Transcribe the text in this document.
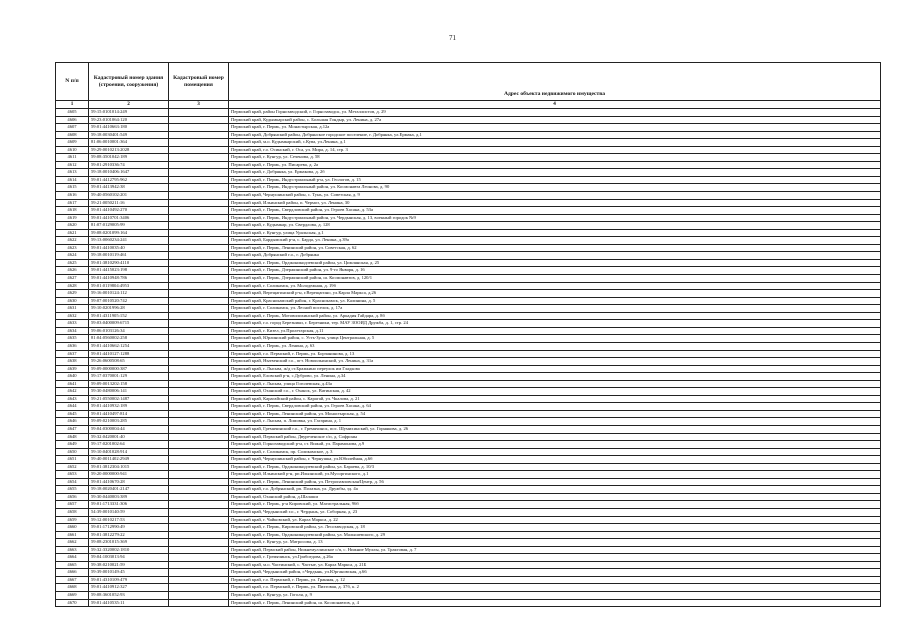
71
N п/п	Кадастровый номер здания (строения, сооружения)	Кадастровый номер помещения	Адрес объекта недвижимого имущества
1	2	3	4
4605	59:15:0101014:249		Пермский край, район Горнозаводский, г. Горнозаводск, ул. Металлистов, д. 29
4606	59:23:0101064:120		Пермский край, Кудымкарский район, с. Большая Гондыр, ул. Ленина, д. 27а
4607	59:01:4410663:180		Пермский край, г. Пермь, ул. Монастырская, д.12а
4608	59:18:0030401:549		Пермский край, Добрянский район, Добрянское городское поселение, г. Добрянка, ул.Ермака, д.1
4609	81:06:0010001:364		Пермский край, м.о. Кудымкарский, с.Кува, ул.Ленина, д.1
4610	59:29:0010213:2028		Пермский край, г.о. Осинский, г. Оса, ул. Мира, д. 14, стр. 3
4611	59:08:3501042:189		Пермский край, г. Кунгур, ул. Сеченова, д. 58
4612	59:01:2910336:74		Пермский край, г. Пермь, ул. Писарева, д. 2а
4613	59:18:0010406:1647		Пермский край, г. Добрянка, ул. Ермакова, д. 2б
4614	59:01:4412795:962		Пермский край, г. Пермь, Индустриальный р-н, ул. Геологов, д. 15
4615	59:01:4413942:38		Пермский край, г. Пермь, Индустриальный район, ул. Космонавта Леонова, д. 90
4616	59:40:0560102:201		Пермский край, Чернушинский район, с. Тунь, ул. Советская, д. 9
4617	59:21:0050211:16		Пермский край, Ильинский район, п. Чермоз, ул. Ленина, 30
4618	59:01:4410492:270		Пермский край, г. Пермь, Свердловский район, ул. Героев Хасана, д. 53а
4619	59:01:4410701:3406		Пермский край, г. Пермь, Индустриальный район, ул. Чердынская, д. 13, военный городок №9
4620	81:07:0129005:99		Пермский край, г. Кудымкар, ул. Свердлова, д. 128
4621	59:08:0201099:164		Пермский край, г. Кунгур, улица Уральская, д.1
4622	59:13:0060234:241		Пермский край, Бардымский р-н, с. Барда, ул. Ленина, д.39а
4623	59:01:4410035:40		Пермский край, г. Пермь, Ленинский район, ул. Советская, д. 62
4624	59:18:0010119:461		Пермский край, Добрянский г.о., г. Добрянка
4625	59:01:3810290:4110		Пермский край, г. Пермь, Орджоникидзевский район, ул. Цимлянская, д. 25
4626	59:01:4415023:198		Пермский край, г. Пермь, Дзержинский район, ул. 9-го Января, д. 16
4627	59:01:4410948:786		Пермский край, г. Пермь, Дзержинский район, ш. Космонавтов, д. 120/1
4628	59:01:0119804:4953		Пермский край, г. Соликамск, ул. Молодежная, д. 19б
4629	59:16:0010124:112		Пермский край, Верещагинский р-н, г.Верещагино, ул.Карла Маркса, д.26
4630	59:07:0010520:742		Пермский край, Краснокамский район, г. Краснокамск, ул. Калинина, д. 5
4631	59:10:0201996:28		Пермский край, г. Соликамск, ул. Лесной поселок, д. 17а
4632	59:01:4311905:152		Пермский край, г. Пермь, Мотовилихинский район, ул. Аркадия Гайдара, д. 8б
4633	59:03:0400009:6715		Пермский край, г.о. город Березники, г. Березники, тер. МАУ ЗООИД Дружба, д. 1, стр. 24
4634	59:06:0103126:34		Пермский край, г. Кизел, ул.Пролетарская, д.11
4635	81:04:0560002:258		Пермский край, Юрлинский район, с. Усть-Зула, улица Центральная, д. 5
4636	59:01:4410662:1254		Пермский край, г. Пермь, ул. Ленина, д. 63
4637	59:01:4410127:1288		Пермский край, г.о. Пермский, г. Пермь, ул. Борчанинова, д. 13
4638	59:26:0600508:65		Пермский край, Нытвенский г.о., пгт. Новоильинский, ул. Ленина, д. 31а
4639	59:09:0000000:387		Пермский край, г. Лысьва, ж/д ст.Бражкино переулок им Гладкова
4640	59:17:0370001:129		Пермский край, Еловский р-н, с.Дуброво, ул. Ленина, д.34
4641	59:09:0013202:158		Пермский край, г. Лысьва, улица Гоголевская, д.43а
4642	59:30:0480006:141		Пермский край, Оханский г.о., г. Оханск, ул. Ватинская, д. 42
4643	59:21:0550002:1487		Пермский край, Карагайский район, с. Карагай, ул. Чкалова, д. 21
4644	59:01:4410932:189		Пермский край, г. Пермь, Свердловский район, ул. Героев Хасана, д. 64
4645	59:01:4410497:814		Пермский край, г. Пермь, Ленинский район, ул. Монастырская, д. 54
4646	59:09:0210003:285		Пермский край, г. Лысьва, п. Ломовка, ул. Гагарина, д. 1
4647	59:04:0300004:44		Пермский край, Гремячинский г.о., г. Гремячинск, пос. Шумихинский, ул. Горнякова, д. 26
4648	59:32:0420001:40		Пермский край, Пермский район, Двуреченское с/п, д. Софроны
4649	59:17:0201002:64		Пермский край, Горнозаводский р-н, ст. Вижай, ул. Парамонова, д.9
4650	59:10:0401028:914		Пермский край, г. Соликамск, пр. Соликамское, д. 3
4651	59:40:0011402:2949		Пермский край, Чернушинский район, г. Чернушка, ул.Юбилейная, д.6б
4652	59:01:3812304:1015		Пермский край, г. Пермь, Орджоникидзевский район, ул. Бараева, д. 10/3
4653	59:20:0000000:941		Пермский край, Ильинский р-н, рп.Ильинский, ул.Мусоргинского, д.1
4654	59:01:4410670:28		Пермский край, г. Пермь, Ленинский район, ул. Петропавловская/Центр, д. 56
4655	59:18:0020401:2147		Пермский край, г.о. Добрянский, рп. Полазна, ул. Дружбы, зд. 4а
4656	59:30:0440003:389		Пермский край, Оханский район, д.Шалаши
4657	59:01:1713331:306		Пермский край, г. Пермь, р-н Кировский, ул. Магистральная, 96б
4658	54:39:0010140:59		Пермский край, Чердынский г.о., г. Чердынь, ул. Соборная, д. 23
4659	59:12:0010217:53		Пермский край, г. Чайковский, ул. Карла Маркса, д. 22
4660	59:01:1712990:49		Пермский край, г. Пермь, Кировский район, ул. Лесозаводская, д. 18
4661	59:01:3812279:22		Пермский край, г. Пермь, Орджоникидзевский район, ул. Малышевского, д. 29
4662	59:08:2301015:369		Пермский край, г. Кунгур, ул. Матросова, д. 13
4663	59:32:3320002:1810		Пермский край, Пермский район, Нижнемуллинское с/п, с. Нижние Муллы, ул. Трактовая, д. 7
4664	59:04:1003013:94		Пермский край, г. Гремячинск, ул.Грибоедова, д.26а
4665	59:38:0210021:59		Пермский край, м.о. Частинский, с. Частые, ул. Карла Маркса, д. 21Б
4666	59:39:0010149:45		Пермский край, Чердынский район, г.Чердынь, ул.Юргановская, д.66
4667	59:01:4310109:479		Пермский край, г.о. Пермский, г. Пермь, ул. Гранная, д. 12
4668	59:01:4410912:327		Пермский край, г.о. Пермский, г. Пермь, ул. Пихтовая, д. 37б, к. 2
4669	59:08:3601052:93		Пермский край, г. Кунгур, ул. Гоголя, д. 9
4670	59:01:4410535:11		Пермский край, г. Пермь, Ленинский район, ш. Космонавтов, д. 4
